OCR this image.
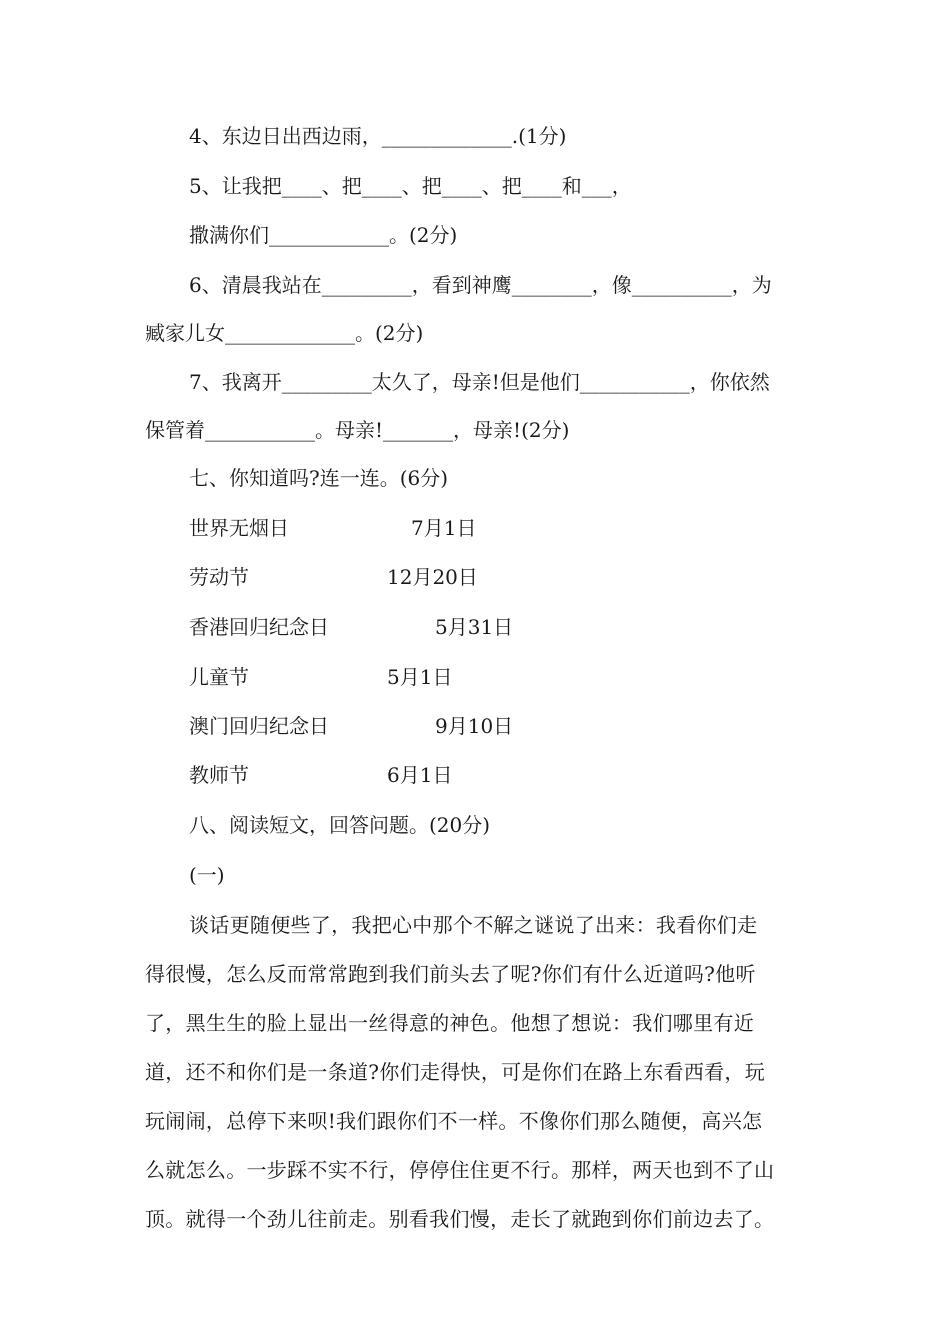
4、东边日出西边雨，_____________.(1分)
5、让我把____、把____、把____、把____和___，
撒满你们____________。(2分)
6、清晨我站在_________，看到神鹰________，像__________，为
臧家儿女_____________。(2分)
7、我离开_________太久了，母亲!但是他们___________，你依然
保管着___________。母亲!_______，母亲!(2分)
七、你知道吗?连一连。(6分)
世界无烟日	7月1日
劳动节	12月20日
香港回归纪念日	5月31日
儿童节	5月1日
澳门回归纪念日	9月10日
教师节	6月1日
八、阅读短文，回答问题。(20分)
(一)
谈话更随便些了，我把心中那个不解之谜说了出来：我看你们走
得很慢，怎么反而常常跑到我们前头去了呢?你们有什么近道吗?他听
了，黑生生的脸上显出一丝得意的神色。他想了想说：我们哪里有近
道，还不和你们是一条道?你们走得快，可是你们在路上东看西看，玩
玩闹闹，总停下来呗!我们跟你们不一样。不像你们那么随便，高兴怎
么就怎么。一步踩不实不行，停停住住更不行。那样，两天也到不了山
顶。就得一个劲儿往前走。别看我们慢，走长了就跑到你们前边去了。
